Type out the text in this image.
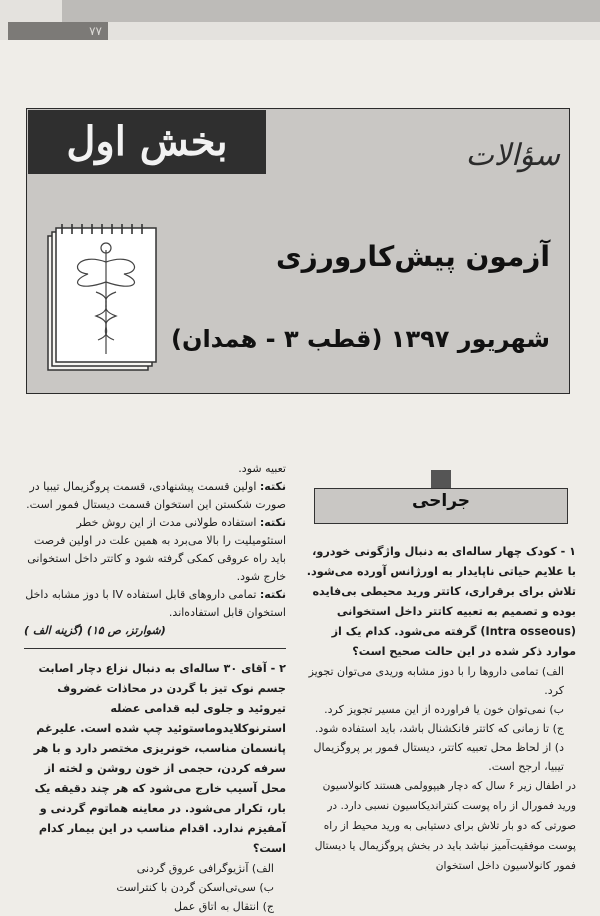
٧٧
بخش اول	سؤالات
آزمون پیش‌کارورزی
شهریور ۱۳۹۷ (قطب ۳ - همدان)

تعبیه شود.

نکته: اولین قسمت پیشنهادی، قسمت پروگزیمال تیبیا در صورت شکستن این استخوان قسمت دیستال فمور است.

نکته: استفاده طولانی مدت از این روش خطر استئومیلیت را بالا می‌برد به همین علت در اولین فرصت باید راه عروقی کمکی گرفته شود و کاتتر داخل استخوانی خارج شود.

نکته: تمامی داروهای قابل استفاده IV با دوز مشابه داخل استخوان قابل استفاده‌اند.

( گزینه الف) (شوارتز، ص ۱۵)

۲ - آقای ۳۰ ساله‌ای به دنبال نزاع دچار اصابت جسم نوک تیز با گردن در محاذات غضروف تیروئید و جلوی لبه قدامی عضله استرنوکلایدوماستوئید چپ شده است. علیرغم پانسمان مناسب، خونریزی مختصر دارد و با هر سرفه کردن، حجمی از خون روشن و لخته از محل آسیب خارج می‌شود که هر چند دقیقه یک بار، تکرار می‌شود. در معاینه هماتوم گردنی و آمفیزم ندارد. اقدام مناسب در این بیمار کدام است؟

الف) آنژیوگرافی عروق گردنی

ب) سی‌تی‌اسکن گردن با کنتراست

ج) انتقال به اتاق عمل

جراحی

۱ - کودک چهار ساله‌ای به دنبال واژگونی خودرو، با علایم حیاتی ناپایدار به اورژانس آورده می‌شود. تلاش برای برقراری، کاتتر ورید محیطی بی‌فایده بوده و تصمیم به تعبیه کاتتر داخل استخوانی (Intra osseous) گرفته می‌شود. کدام یک از موارد ذکر شده در این حالت صحیح است؟

الف) تمامی داروها را با دوز مشابه وریدی می‌توان تجویز کرد.

ب) نمی‌توان خون یا فراورده از این مسیر تجویز کرد.

ج) تا زمانی که کاتتر فانکشنال باشد، باید استفاده شود.

د) از لحاظ محل تعبیه کاتتر، دیستال فمور بر پروگزیمال تیبیا، ارجح است.

در اطفال زیر ۶ سال که دچار هیپوولمی هستند کانولاسیون ورید فمورال از راه پوست کنتراندیکاسیون نسبی دارد. در صورتی که دو بار تلاش برای دستیابی به ورید محیط از راه پوست موفقیت‌آمیز نباشد باید در بخش پروگزیمال یا دیستال فمور کانولاسیون داخل استخوان
